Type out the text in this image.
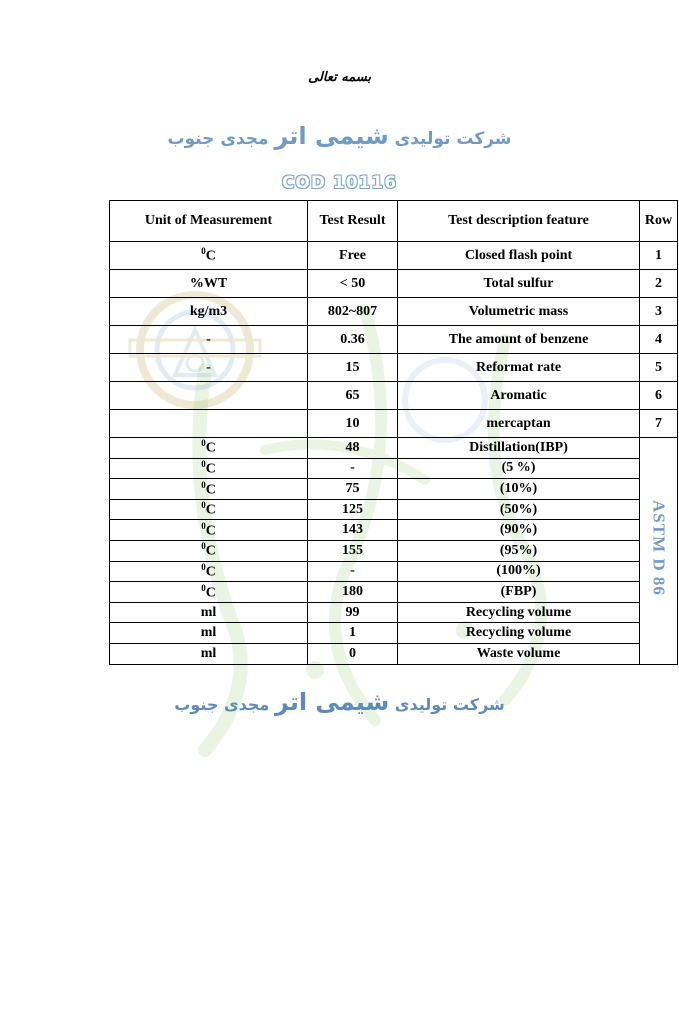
بسمه تعالی
شرکت تولیدی شیمی اتر مجدی جنوب
COD 10116
Unit of Measurement	Test Result	Test description feature	Row
$^0$C	Free	Closed flash point	1
%WT	< 50	Total sulfur	2
kg/m3	802~807	Volumetric mass	3
-	0.36	The amount of benzene	4
-	15	Reformat rate	5
	65	Aromatic	6
	10	mercaptan	7
$^0$C	48	Distillation(IBP)	ASTM D 86
$^0$C	-	(5 %)	
$^0$C	75	(10%)	
$^0$C	125	(50%)	
$^0$C	143	(90%)	
$^0$C	155	(95%)	
$^0$C	-	(100%)	
$^0$C	180	(FBP)	
ml	99	Recycling volume	
ml	1	Recycling volume	
ml	0	Waste volume	
شرکت تولیدی شیمی اتر مجدی جنوب
